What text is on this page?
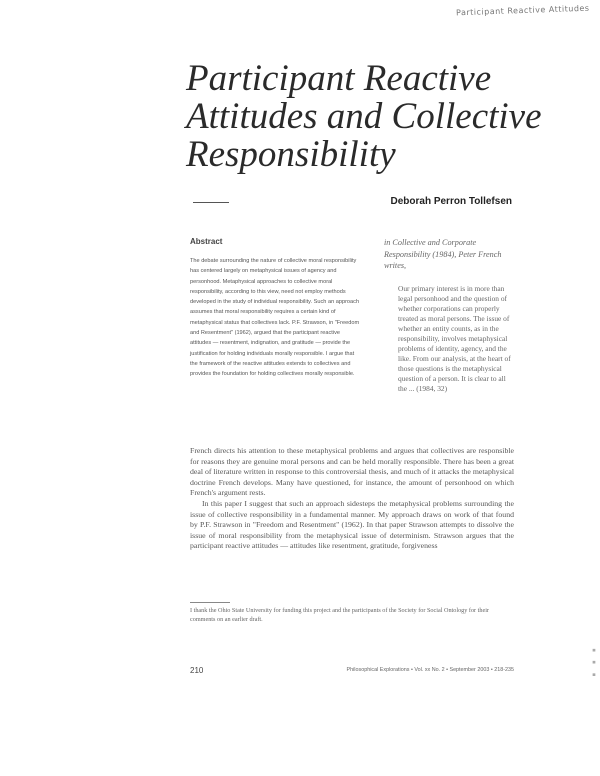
Participant Reactive Attitudes
Participant Reactive Attitudes and Collective Responsibility
Deborah Perron Tollefsen

Abstract

The debate surrounding the nature of collective moral responsibility has centered largely on metaphysical issues of agency and personhood. Metaphysical approaches to collective moral responsibility, according to this view, need not employ methods developed in the study of individual responsibility. Such an approach assumes that moral responsibility requires a certain kind of metaphysical status that collectives lack. P.F. Strawson, in "Freedom and Resentment" (1962), argued that the participant reactive attitudes — resentment, indignation, and gratitude — provide the justification for holding individuals morally responsible. I argue that the framework of the reactive attitudes extends to collectives and provides the foundation for holding collectives morally responsible.

in Collective and Corporate Responsibility (1984), Peter French writes,
Our primary interest is in more than legal personhood and the question of whether corporations can properly treated as moral persons. The issue of whether an entity counts, as in the responsibility, involves metaphysical problems of identity, agency, and the like. From our analysis, at the heart of those questions is the metaphysical question of a person. It is clear to all the ... (1984, 32)

French directs his attention to these metaphysical problems and argues that collectives are responsible for reasons they are genuine moral persons and can be held morally responsible. There has been a great deal of literature written in response to this controversial thesis, and much of it attacks the metaphysical doctrine French develops. Many have questioned, for instance, the amount of personhood on which French's argument rests.

In this paper I suggest that such an approach sidesteps the metaphysical problems surrounding the issue of collective responsibility in a fundamental manner. My approach draws on work of that found by P.F. Strawson in "Freedom and Resentment" (1962). In that paper Strawson attempts to dissolve the issue of moral responsibility from the metaphysical issue of determinism. Strawson argues that the participant reactive attitudes — attitudes like resentment, gratitude, forgiveness

I thank the Ohio State University for funding this project and the participants of the Society for Social Ontology for their comments on an earlier draft.
210	Philosophical Explorations • Vol. xx No. 2 • September 2003 • 218-235	▪ ▪ ▪
